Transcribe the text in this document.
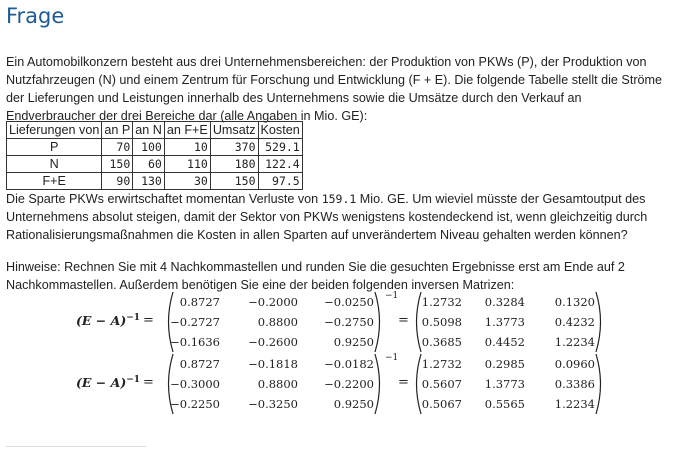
Frage
Ein Automobilkonzern besteht aus drei Unternehmensbereichen: der Produktion von PKWs (P), der Produktion von Nutzfahrzeugen (N) und einem Zentrum für Forschung und Entwicklung (F + E). Die folgende Tabelle stellt die Ströme der Lieferungen und Leistungen innerhalb des Unternehmens sowie die Umsätze durch den Verkauf an Endverbraucher der drei Bereiche dar (alle Angaben in Mio. GE):
Lieferungen von	an P	an N	an F+E	Umsatz	Kosten
P	70	100	10	370	529.1
N	150	60	110	180	122.4
F+E	90	130	30	150	97.5
Die Sparte PKWs erwirtschaftet momentan Verluste von 159.1 Mio. GE. Um wieviel müsste der Gesamtoutput des Unternehmens absolut steigen, damit der Sektor von PKWs wenigstens kostendeckend ist, wenn gleichzeitig durch Rationalisierungsmaßnahmen die Kosten in allen Sparten auf unverändertem Niveau gehalten werden können?
Hinweise: Rechnen Sie mit 4 Nachkommastellen und runden Sie die gesuchten Ergebnisse erst am Ende auf 2 Nachkommastellen. Außerdem benötigen Sie eine der beiden folgenden inversen Matrizen:
$(E - A)^{-1}$ =
0.8727	−0.2000	−0.0250
−0.2727	0.8800	−0.2750
−0.1636	−0.2600	0.9250
−1
=
1.2732	0.3284	0.1320
0.5098	1.3773	0.4232
0.3685	0.4452	1.2234
$(E - A)^{-1}$ =
0.8727	−0.1818	−0.0182
−0.3000	0.8800	−0.2200
−0.2250	−0.3250	0.9250
−1
=
1.2732	0.2985	0.0960
0.5607	1.3773	0.3386
0.5067	0.5565	1.2234
